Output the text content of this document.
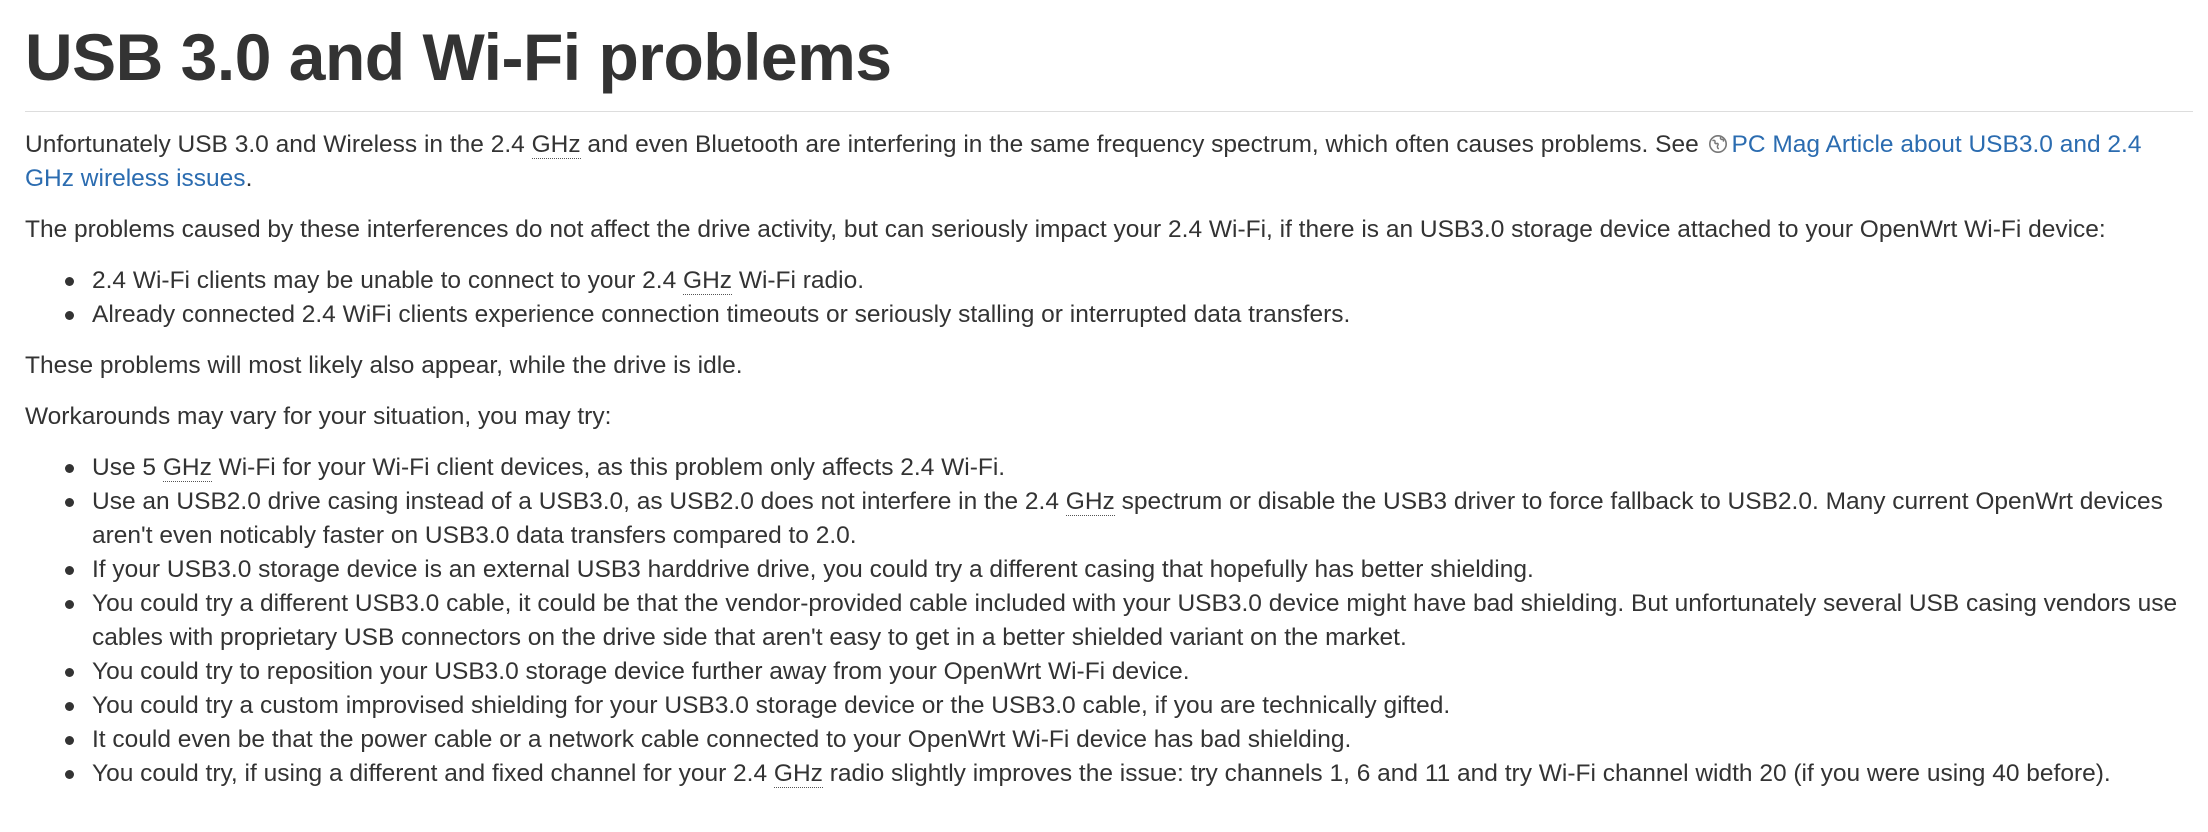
USB 3.0 and Wi-Fi problems

Unfortunately USB 3.0 and Wireless in the 2.4 GHz and even Bluetooth are interfering in the same frequency spectrum, which often causes problems. See PC Mag Article about USB3.0 and 2.4 GHz wireless issues.

The problems caused by these interferences do not affect the drive activity, but can seriously impact your 2.4 Wi-Fi, if there is an USB3.0 storage device attached to your OpenWrt Wi-Fi device:

2.4 Wi-Fi clients may be unable to connect to your 2.4 GHz Wi-Fi radio.
Already connected 2.4 WiFi clients experience connection timeouts or seriously stalling or interrupted data transfers.

These problems will most likely also appear, while the drive is idle.

Workarounds may vary for your situation, you may try:

Use 5 GHz Wi-Fi for your Wi-Fi client devices, as this problem only affects 2.4 Wi-Fi.
Use an USB2.0 drive casing instead of a USB3.0, as USB2.0 does not interfere in the 2.4 GHz spectrum or disable the USB3 driver to force fallback to USB2.0. Many current OpenWrt devices aren't even noticably faster on USB3.0 data transfers compared to 2.0.
If your USB3.0 storage device is an external USB3 harddrive drive, you could try a different casing that hopefully has better shielding.
You could try a different USB3.0 cable, it could be that the vendor-provided cable included with your USB3.0 device might have bad shielding. But unfortunately several USB casing vendors use cables with proprietary USB connectors on the drive side that aren't easy to get in a better shielded variant on the market.
You could try to reposition your USB3.0 storage device further away from your OpenWrt Wi-Fi device.
You could try a custom improvised shielding for your USB3.0 storage device or the USB3.0 cable, if you are technically gifted.
It could even be that the power cable or a network cable connected to your OpenWrt Wi-Fi device has bad shielding.
You could try, if using a different and fixed channel for your 2.4 GHz radio slightly improves the issue: try channels 1, 6 and 11 and try Wi-Fi channel width 20 (if you were using 40 before).
